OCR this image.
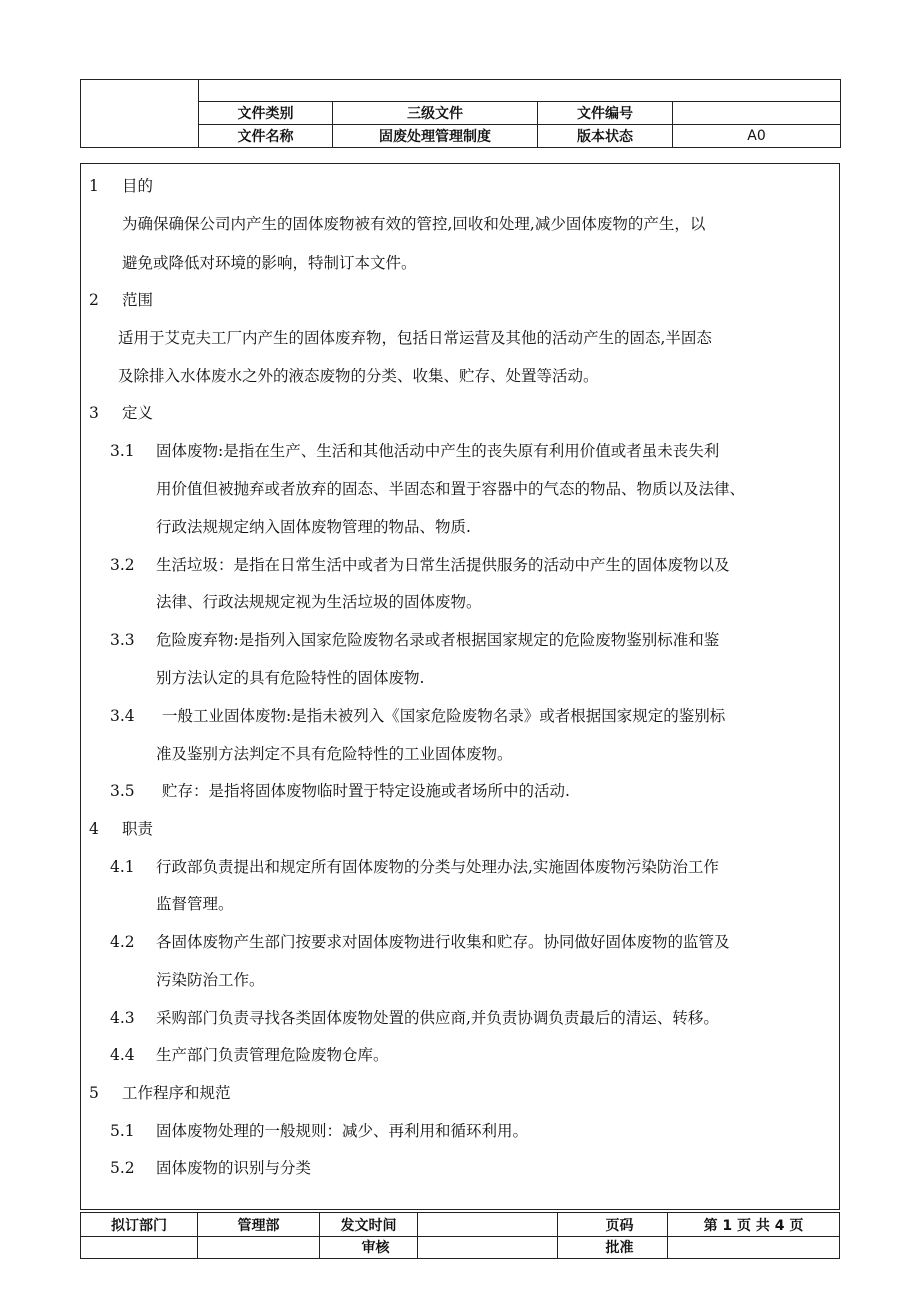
文件类别	三级文件	文件编号
文件名称	固废处理管理制度	版本状态	A0
1 目的
为确保确保公司内产生的固体废物被有效的管控,回收和处理,减少固体废物的产生，以
避免或降低对环境的影响，特制订本文件。
2 范围
适用于艾克夫工厂内产生的固体废弃物，包括日常运营及其他的活动产生的固态,半固态
及除排入水体废水之外的液态废物的分类、收集、贮存、处置等活动。
3 定义
3.1 固体废物:是指在生产、生活和其他活动中产生的丧失原有利用价值或者虽未丧失利
用价值但被抛弃或者放弃的固态、半固态和置于容器中的气态的物品、物质以及法律、
行政法规规定纳入固体废物管理的物品、物质.
3.2 生活垃圾：是指在日常生活中或者为日常生活提供服务的活动中产生的固体废物以及
法律、行政法规规定视为生活垃圾的固体废物。
3.3 危险废弃物:是指列入国家危险废物名录或者根据国家规定的危险废物鉴别标准和鉴
别方法认定的具有危险特性的固体废物.
3.4 一般工业固体废物:是指未被列入《国家危险废物名录》或者根据国家规定的鉴别标
准及鉴别方法判定不具有危险特性的工业固体废物。
3.5 贮存：是指将固体废物临时置于特定设施或者场所中的活动.
4 职责
4.1 行政部负责提出和规定所有固体废物的分类与处理办法,实施固体废物污染防治工作
监督管理。
4.2 各固体废物产生部门按要求对固体废物进行收集和贮存。协同做好固体废物的监管及
污染防治工作。
4.3 采购部门负责寻找各类固体废物处置的供应商,并负责协调负责最后的清运、转移。
4.4 生产部门负责管理危险废物仓库。
5 工作程序和规范
5.1 固体废物处理的一般规则：减少、再利用和循环利用。
5.2 固体废物的识别与分类
拟订部门	管理部	发文时间	页码	第 1 页 共 4 页
审核	批准
